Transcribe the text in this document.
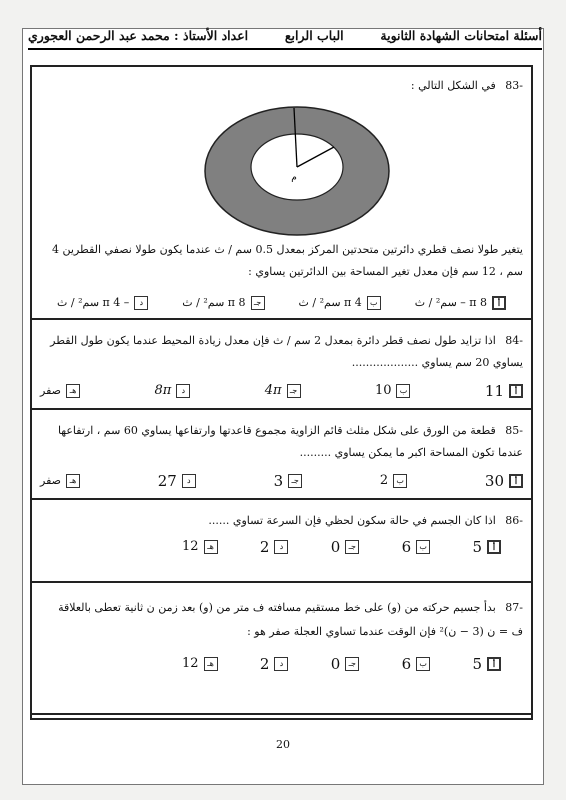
أسئلة امتحانات الشهادة الثانوية
الباب الرابع
اعداد الأستاذ : محمد عبد الرحمن العجوري
-83 في الشكل التالي :
م
يتغير طولا نصف قطري دائرتين متحدتين المركز بمعدل 0.5 سم / ث عندما يكون طولا نصفي القطرين 4 سم ، 12 سم فإن معدل تغير المساحة بين الدائرتين يساوي :
أ
8 π – سم² / ث
ب
4 π سم² / ث
جـ
8 π سم² / ث
د
– 4 π سم² / ث
-84 اذا تزايد طول نصف قطر دائرة بمعدل 2 سم / ث فإن معدل زيادة المحيط عندما يكون طول القطر يساوي 20 سم يساوي ...................
أ
11
ب
10
جـ
4π
د
8π
هـ
صفر
-85 قطعة من الورق على شكل مثلث قائم الزاوية مجموع قاعدتها وارتفاعها يساوي 60 سم ، ارتفاعها عندما تكون المساحة اكبر ما يمكن يساوي .........
أ
30
ب
2
جـ
3
د
27
هـ
صفر
-86 اذا كان الجسم في حالة سكون لحظي فإن السرعة تساوي ......
أ
5
ب
6
جـ
0
د
2
هـ
12
-87 بدأ جسيم حركته من (و) على خط مستقيم مسافته ف متر من (و) بعد زمن ن ثانية تعطى بالعلاقة
ف = ن (3 − ن)² فإن الوقت عندما تساوي العجلة صفر هو :
أ
5
ب
6
جـ
0
د
2
هـ
12
20
